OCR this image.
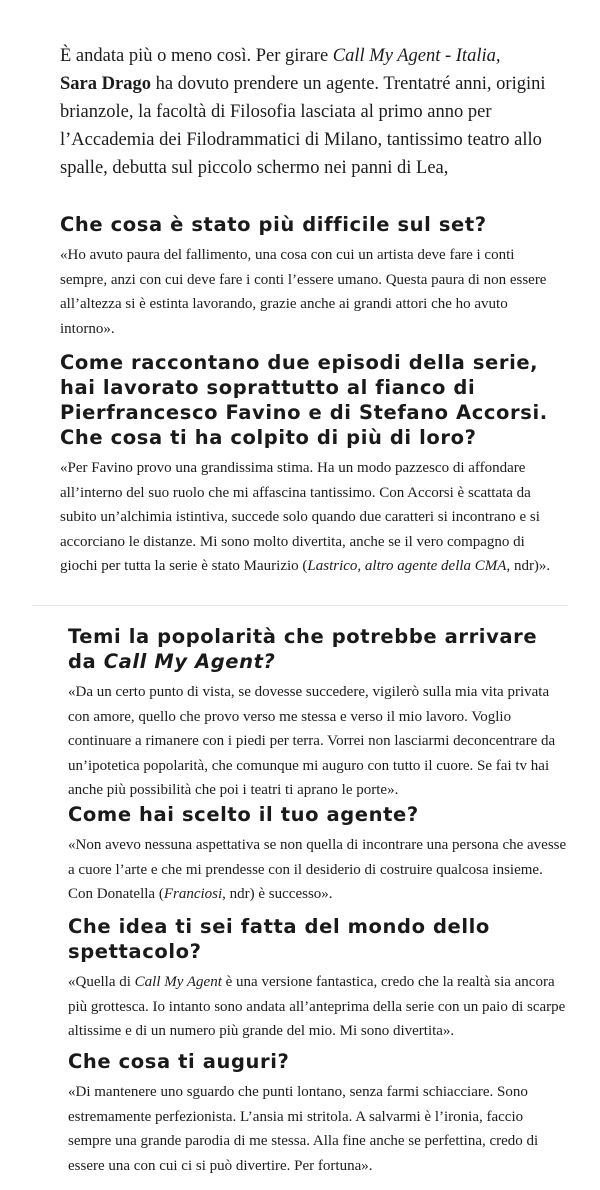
È andata più o meno così. Per girare Call My Agent - Italia,
Sara Drago ha dovuto prendere un agente. Trentatré anni, origini brianzole, la facoltà di Filosofia lasciata al primo anno per l’Accademia dei Filodrammatici di Milano, tantissimo teatro allo spalle, debutta sul piccolo schermo nei panni di Lea,

Che cosa è stato più difficile sul set?

«Ho avuto paura del fallimento, una cosa con cui un artista deve fare i conti sempre, anzi con cui deve fare i conti l’essere umano. Questa paura di non essere all’altezza si è estinta lavorando, grazie anche ai grandi attori che ho avuto intorno».

Come raccontano due episodi della serie, hai lavorato soprattutto al fianco di Pierfrancesco Favino e di Stefano Accorsi. Che cosa ti ha colpito di più di loro?

«Per Favino provo una grandissima stima. Ha un modo pazzesco di affondare all’interno del suo ruolo che mi affascina tantissimo. Con Accorsi è scattata da subito un’alchimia istintiva, succede solo quando due caratteri si incontrano e si accorciano le distanze. Mi sono molto divertita, anche se il vero compagno di giochi per tutta la serie è stato Maurizio (Lastrico, altro agente della CMA, ndr)».

Temi la popolarità che potrebbe arrivare da Call My Agent?

«Da un certo punto di vista, se dovesse succedere, vigilerò sulla mia vita privata con amore, quello che provo verso me stessa e verso il mio lavoro. Voglio continuare a rimanere con i piedi per terra. Vorrei non lasciarmi deconcentrare da un’ipotetica popolarità, che comunque mi auguro con tutto il cuore. Se fai tv hai anche più possibilità che poi i teatri ti aprano le porte».

Come hai scelto il tuo agente?

«Non avevo nessuna aspettativa se non quella di incontrare una persona che avesse a cuore l’arte e che mi prendesse con il desiderio di costruire qualcosa insieme. Con Donatella (Franciosi, ndr) è successo».

Che idea ti sei fatta del mondo dello spettacolo?

«Quella di Call My Agent è una versione fantastica, credo che la realtà sia ancora più grottesca. Io intanto sono andata all’anteprima della serie con un paio di scarpe altissime e di un numero più grande del mio. Mi sono divertita».

Che cosa ti auguri?

«Di mantenere uno sguardo che punti lontano, senza farmi schiacciare. Sono estremamente perfezionista. L’ansia mi stritola. A salvarmi è l’ironia, faccio sempre una grande parodia di me stessa. Alla fine anche se perfettina, credo di essere una con cui ci si può divertire. Per fortuna».
